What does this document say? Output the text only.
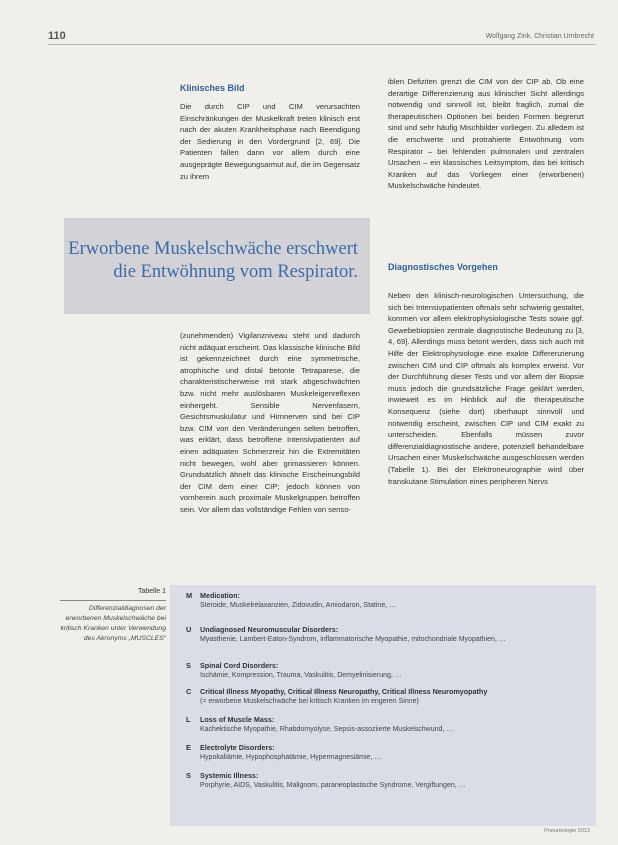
110	Wolfgang Zink, Christian Umbrecht
Klinisches Bild

Die durch CIP und CIM verursachten Einschränkungen der Muskelkraft treten klinisch erst nach der akuten Krankheitsphase nach Beendigung der Sedierung in den Vordergrund [2, 69]. Die Patienten fallen dann vor allem durch eine ausgeprägte Bewegungsarmut auf, die im Gegensatz zu ihrem

Erworbene Muskelschwäche erschwert
die Entwöhnung vom Respirator.

(zunehmenden) Vigilanzniveau steht und dadurch nicht adäquat erscheint. Das klassische klinische Bild ist gekennzeichnet durch eine symmetrische, atrophische und distal betonte Tetraparese, die charakteristischerweise mit stark abgeschwächten bzw. nicht mehr auslösbaren Muskeleigenreflexen einhergeht. Sensible Nervenfasern, Gesichtsmuskulatur und Hirnnerven sind bei CIP bzw. CIM von den Veränderungen selten betroffen, was erklärt, dass betroffene Intensivpatienten auf einen adäquaten Schmerzreiz hin die Extremitäten nicht bewegen, wohl aber grimassieren können. Grundsätzlich ähnelt das klinische Erscheinungsbild der CIM dem einer CIP; jedoch können von vornherein auch proximale Muskelgruppen betroffen sein. Vor allem das vollständige Fehlen von senso-

iblen Defiziten grenzt die CIM von der CIP ab. Ob eine derartige Differenzierung aus klinischer Sicht allerdings notwendig und sinnvoll ist, bleibt fraglich, zumal die therapeutischen Optionen bei beiden Formen begrenzt sind und sehr häufig Mischbilder vorliegen. Zu alledem ist die erschwerte und protrahierte Entwöhnung vom Respirator – bei fehlenden pulmonalen und zentralen Ursachen – ein klassisches Leitsymptom, das bei kritisch Kranken auf das Vorliegen einer (erworbenen) Muskelschwäche hindeutet.

Diagnostisches Vorgehen

Neben den klinisch-neurologischen Untersuchung, die sich bei Intensivpatienten oftmals sehr schwierig gestaltet, kommen vor allem elektrophysiologische Tests sowie ggf. Gewebebiopsien zentrale diagnostische Bedeutung zu [3, 4, 69]. Allerdings muss betont werden, dass sich auch mit Hilfe der Elektrophysiologie eine exakte Differenzierung zwischen CIM und CIP oftmals als komplex erweist. Vor der Durchführung dieser Tests und vor allem der Biopsie muss jedoch die grundsätzliche Frage geklärt werden, inwieweit es im Hinblick auf die therapeutische Konsequenz (siehe dort) überhaupt sinnvoll und notwendig erscheint, zwischen CIP und CIM exakt zu unterscheiden. Ebenfalls müssen zuvor differenzialdiagnostische andere, potenziell behandelbare Ursachen einer Muskelschwäche ausgeschlossen werden (Tabelle 1). Bei der Elektroneurographie wird über transkutane Stimulation eines peripheren Nervs

Tabelle 1
Differenzialdiagnosen der erworbenen Muskelschwäche bei kritisch Kranken unter Verwendung des Akronyms „MUSCLES“
M Medication:
Steroide, Muskelrelaxanzien, Zidovudin, Amiodaron, Statine, …
U Undiagnosed Neuromuscular Disorders:
Myasthenie, Lambert-Eaton-Syndrom, inflammatorische Myopathie, mitochondriale Myopathien, …
S Spinal Cord Disorders:
Ischämie, Kompression, Trauma, Vaskulitis, Demyelinisierung, …
C Critical Illness Myopathy, Critical Illness Neuropathy, Critical Illness Neuromyopathy
(= erworbene Muskelschwäche bei kritisch Kranken im engeren Sinne)
L Loss of Muscle Mass:
Kachektische Myopathie, Rhabdomyolyse, Sepsis-assoziierte Muskelschwund, …
E Electrolyte Disorders:
Hypokaliämie, Hypophosphatämie, Hypermagnesiämie, …
S Systemic Illness:
Porphyrie, AIDS, Vaskulitis, Malignom, paraneoplastische Syndrome, Vergiftungen, …
Pneumologie 2013
